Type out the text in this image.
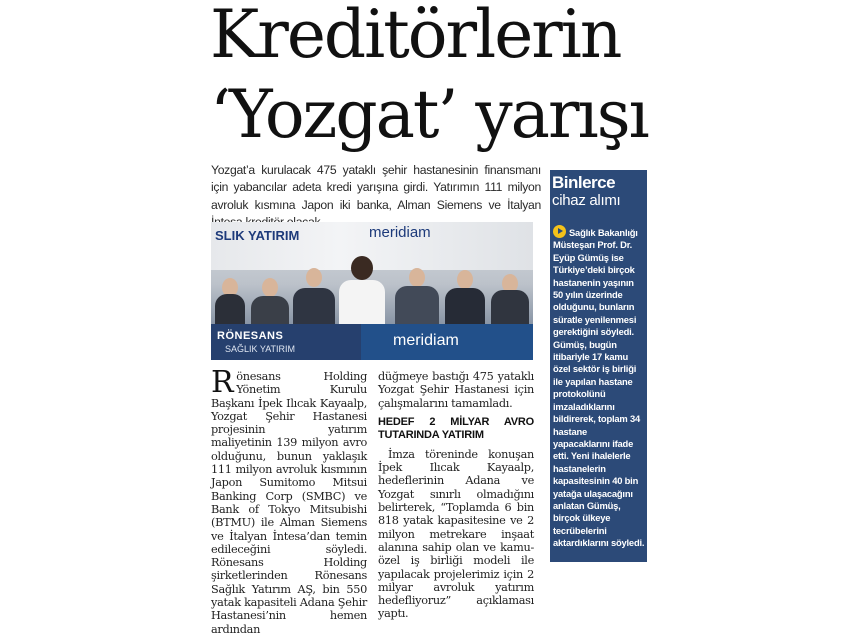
Kreditörlerin
‘Yozgat’ yarışı
Yozgat’a kurulacak 475 yataklı şehir hastanesinin finansmanı için yabancılar adeta kredi yarışına girdi. Yatırımın 111 milyon avroluk kısmına Japon iki banka, Alman Siemens ve İtalyan
SLIK YATIRIM	meridiam
RÖNESANS
SAĞLIK YATIRIM	meridiam
Rönesans Holding Yönetim Kurulu Başkanı İpek Ilıcak Kayaalp, Yozgat Şehir Hastanesi projesinin yatırım maliyetinin 139 milyon avro olduğunu, bunun yaklaşık 111 milyon avroluk kısmının Japon Sumitomo Mitsui Banking Corp (SMBC) ve Bank of Tokyo Mitsubishi (BTMU) ile Alman Siemens ve İtalyan İntesa’dan temin edileceğini söyledi. Rönesans Holding şirketlerinden Rönesans Sağlık Yatırım AŞ, bin 550 yatak kapasiteli Adana Şehir Hastanesi’nin hemen ardından
düğmeye bastığı 475 yataklı Yozgat Şehir Hastanesi için çalışmalarını tamamladı.
HEDEF 2 MİLYAR AVRO TUTARINDA YATIRIM
İmza töreninde konuşan İpek Ilıcak Kayaalp, hedeflerinin Adana ve Yozgat sınırlı olmadığını belirterek, “Toplamda 6 bin 818 yatak kapasitesine ve 2 milyon metrekare inşaat alanına sahip olan ve kamu-özel iş birliği modeli ile yapılacak projelerimiz için 2 milyar avroluk yatırım hedefliyoruz” açıklaması yaptı.
Binlerce
cihaz alımı
Sağlık Bakanlığı Müsteşarı Prof. Dr. Eyüp Gümüş ise Türkiye’deki birçok hastanenin yaşının 50 yılın üzerinde olduğunu, bunların süratle yenilenmesi gerektiğini söyledi. Gümüş, bugün itibariyle 17 kamu özel sektör iş birliği ile yapılan hastane protokolünü imzaladıklarını bildirerek, toplam 34 hastane yapacaklarını ifade etti. Yeni ihalelerle hastanelerin kapasitesinin 40 bin yatağa ulaşacağını anlatan Gümüş, birçok ülkeye tecrübelerini aktardıklarını söyledi.
